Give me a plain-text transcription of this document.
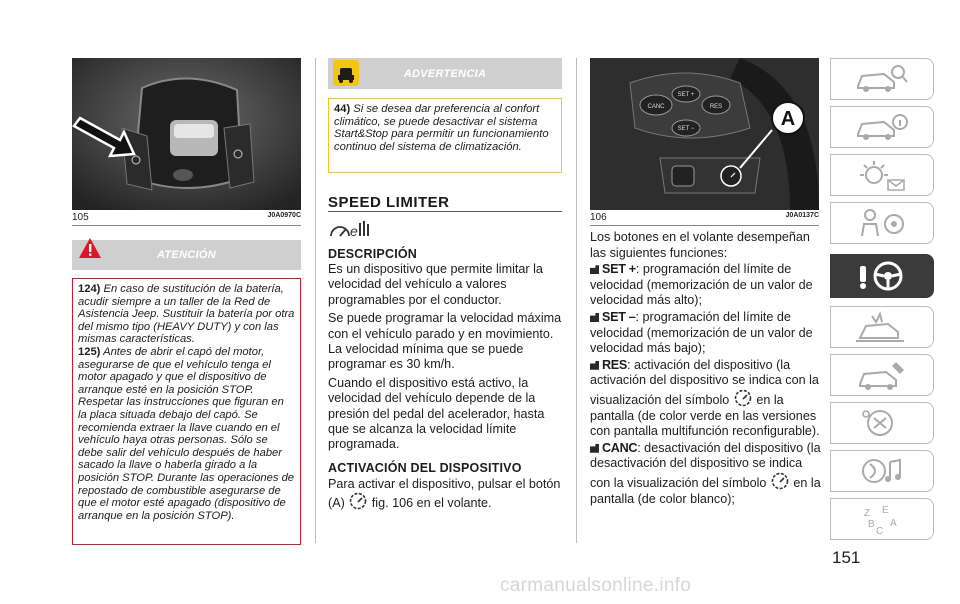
105	J0A0970C
ATENCIÓN

124) En caso de sustitución de la batería, acudir siempre a un taller de la Red de Asistencia Jeep. Sustituir la batería por otra del mismo tipo (HEAVY DUTY) y con las mismas características.

125) Antes de abrir el capó del motor, asegurarse de que el vehículo tenga el motor apagado y que el dispositivo de arranque esté en la posición STOP. Respetar las instrucciones que figuran en la placa situada debajo del capó. Se recomienda extraer la llave cuando en el vehículo haya otras personas. Sólo se debe salir del vehículo después de haber sacado la llave o haberla girado a la posición STOP. Durante las operaciones de repostado de combustible asegurarse de que el motor esté apagado (dispositivo de arranque en la posición STOP).

ADVERTENCIA

44) Si se desea dar preferencia al confort climático, se puede desactivar el sistema Start&Stop para permitir un funcionamiento continuo del sistema de climatización.

SPEED LIMITER
e
DESCRIPCIÓN

Es un dispositivo que permite limitar la velocidad del vehículo a valores programables por el conductor.

Se puede programar la velocidad máxima con el vehículo parado y en movimiento. La velocidad mínima que se puede programar es 30 km/h.

Cuando el dispositivo está activo, la velocidad del vehículo depende de la presión del pedal del acelerador, hasta que se alcanza la velocidad límite programada.

ACTIVACIÓN DEL DISPOSITIVO

Para activar el dispositivo, pulsar el botón (A) fig. 106 en el volante.

CANC
SET +
RES
SET −	A
106	J0A0137C

Los botones en el volante desempeñan las siguientes funciones:

SET +: programación del límite de velocidad (memorización de un valor de velocidad más alto);

SET –: programación del límite de velocidad (memorización de un valor de velocidad más bajo);

RES: activación del dispositivo (la activación del dispositivo se indica con la visualización del símbolo en la pantalla (de color verde en las versiones con pantalla multifunción reconfigurable).

CANC: desactivación del dispositivo (la desactivación del dispositivo se indica con la visualización del símbolo en la pantalla (de color blanco);

Z E
B A
C
151
carmanualsonline.info
